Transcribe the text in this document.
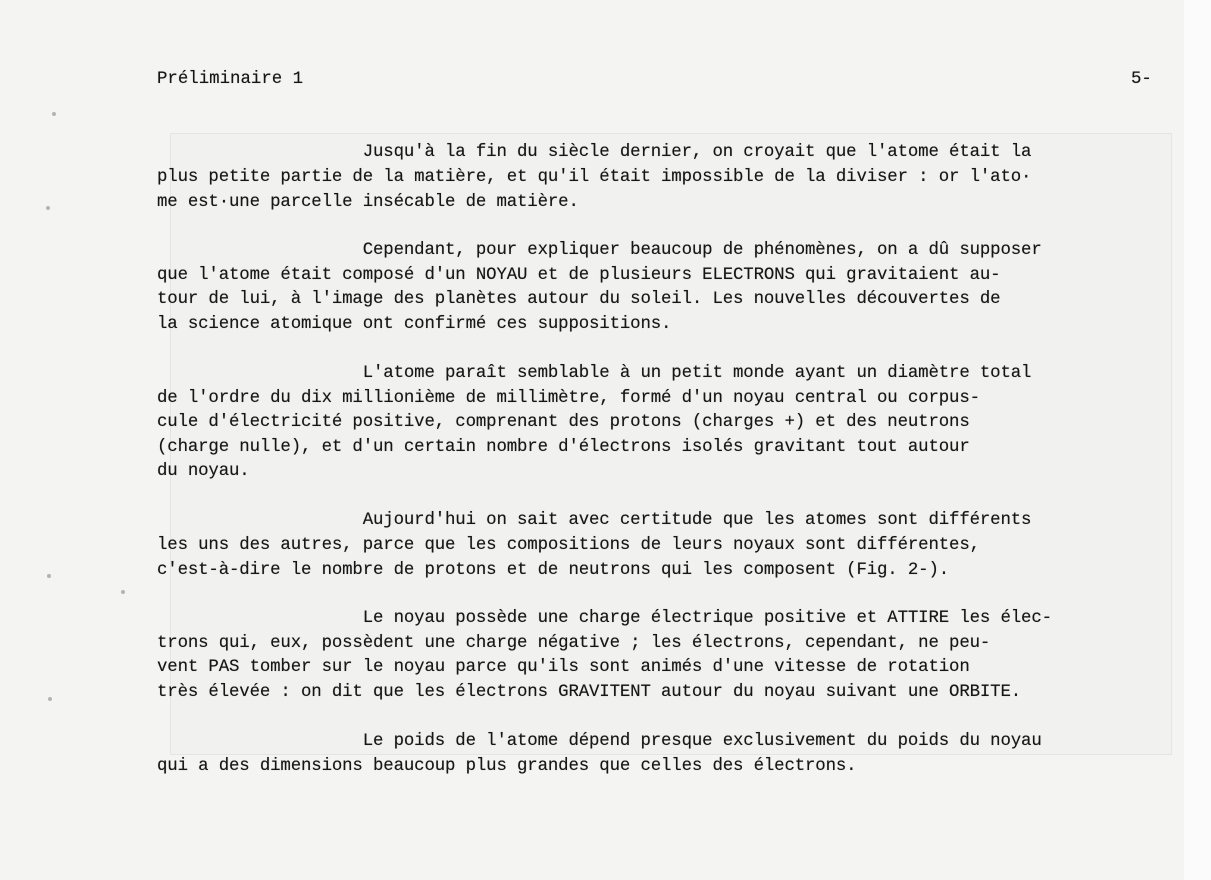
Préliminaire 1	5-
Jusqu'à la fin du siècle dernier, on croyait que l'atome était la
plus petite partie de la matière, et qu'il était impossible de la diviser : or l'ato·
me est·une parcelle insécable de matière.
Cependant, pour expliquer beaucoup de phénomènes, on a dû supposer
que l'atome était composé d'un NOYAU et de plusieurs ELECTRONS qui gravitaient au-
tour de lui, à l'image des planètes autour du soleil. Les nouvelles découvertes de
la science atomique ont confirmé ces suppositions.
L'atome paraît semblable à un petit monde ayant un diamètre total
de l'ordre du dix millionième de millimètre, formé d'un noyau central ou corpus-
cule d'électricité positive, comprenant des protons (charges +) et des neutrons
(charge nulle), et d'un certain nombre d'électrons isolés gravitant tout autour
du noyau.
Aujourd'hui on sait avec certitude que les atomes sont différents
les uns des autres, parce que les compositions de leurs noyaux sont différentes,
c'est-à-dire le nombre de protons et de neutrons qui les composent (Fig. 2-).
Le noyau possède une charge électrique positive et ATTIRE les élec-
trons qui, eux, possèdent une charge négative ; les électrons, cependant, ne peu-
vent PAS tomber sur le noyau parce qu'ils sont animés d'une vitesse de rotation
très élevée : on dit que les électrons GRAVITENT autour du noyau suivant une ORBITE.
Le poids de l'atome dépend presque exclusivement du poids du noyau
qui a des dimensions beaucoup plus grandes que celles des électrons.
